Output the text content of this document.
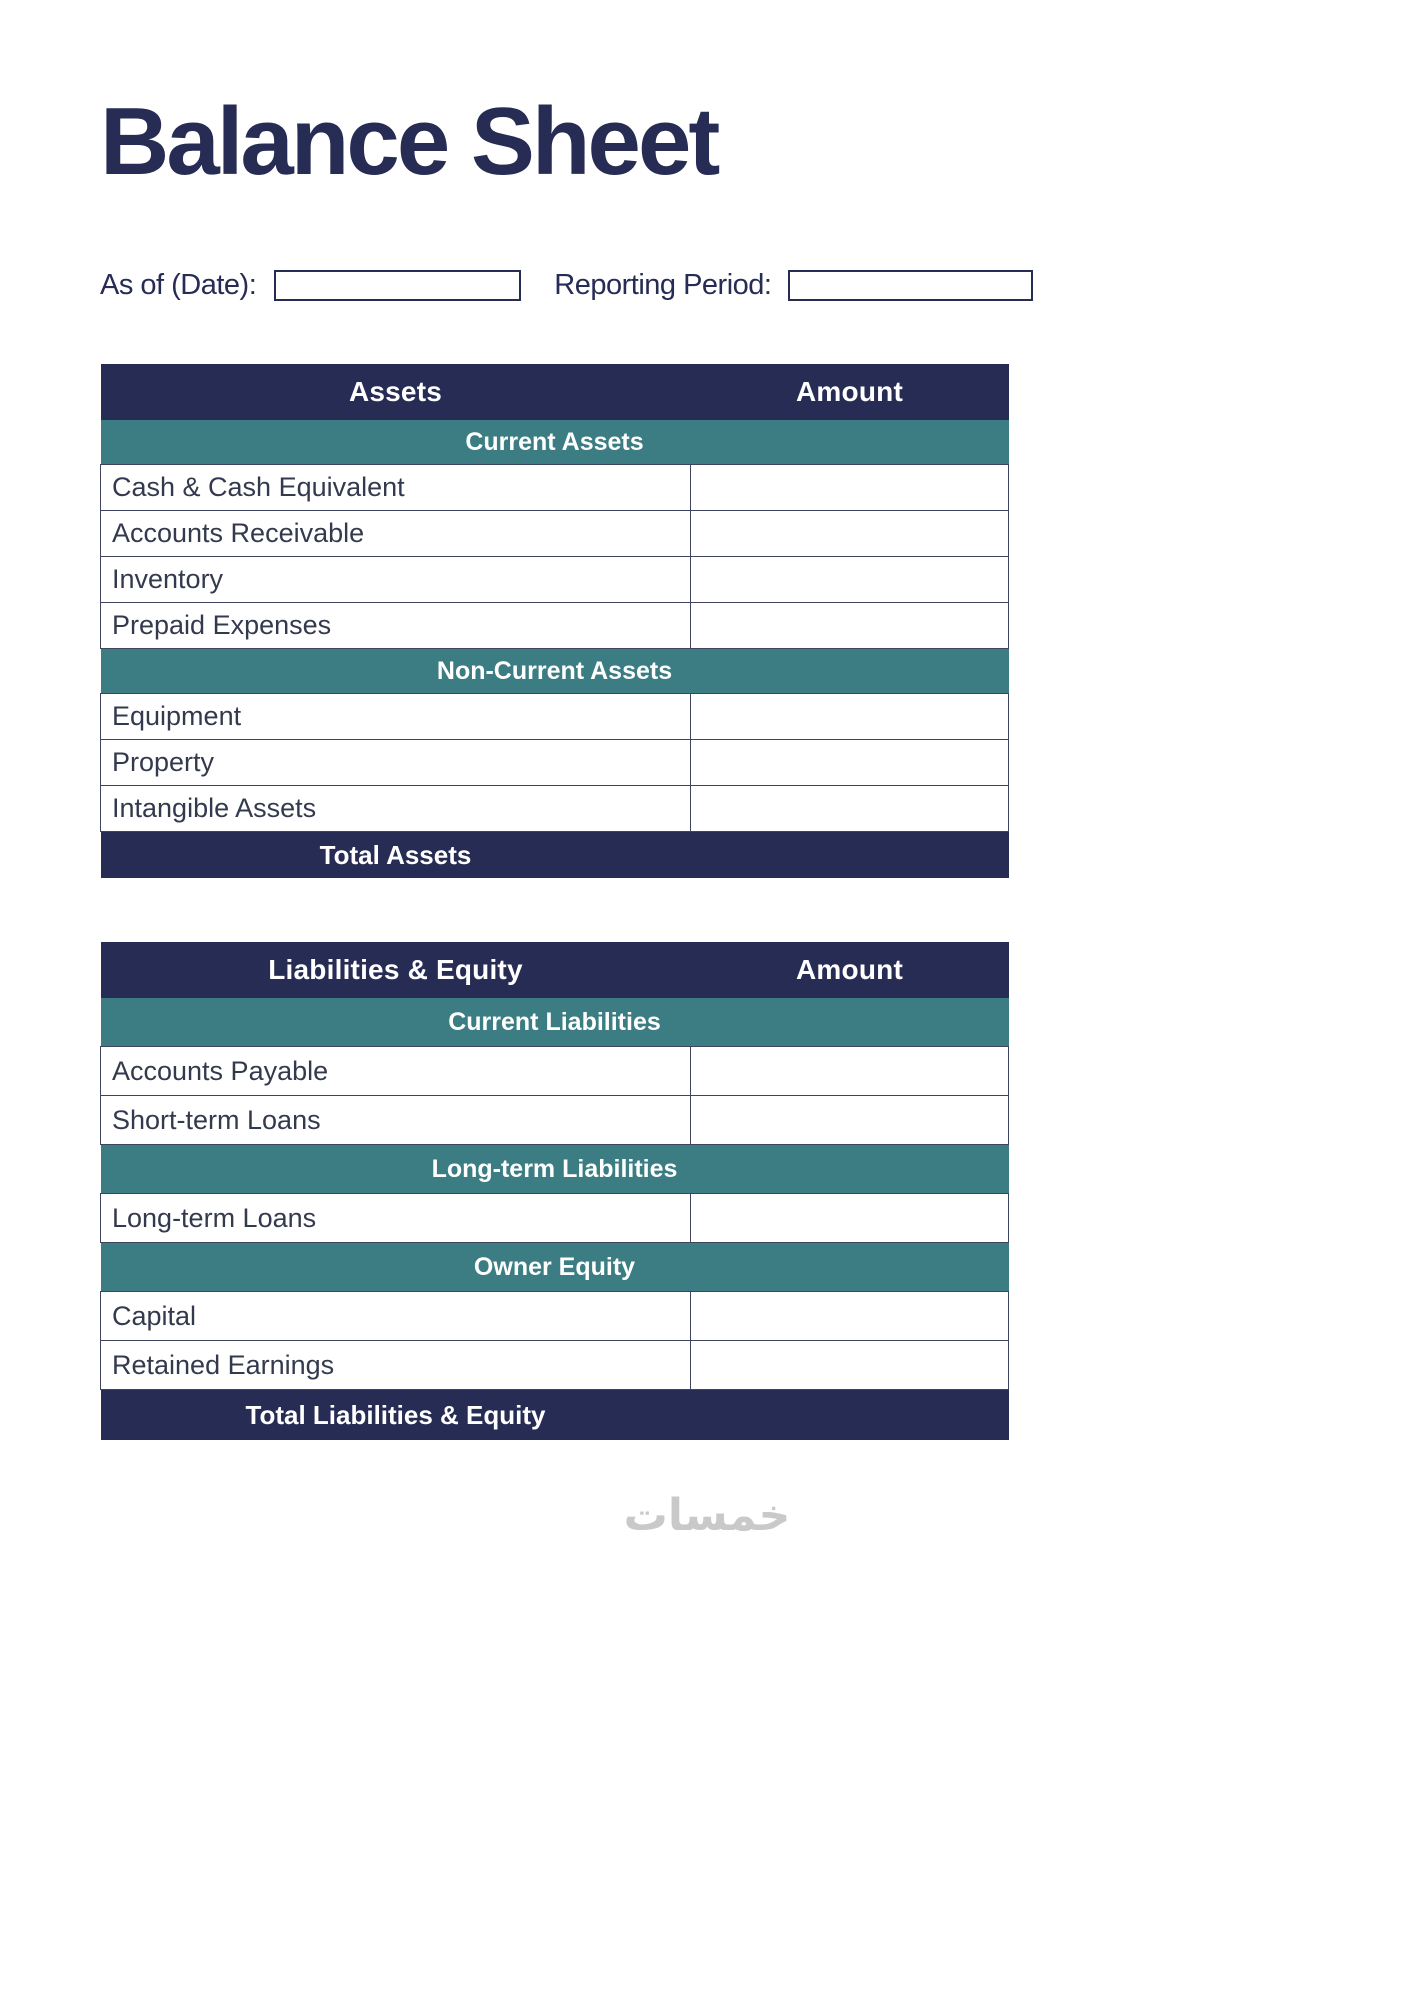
Balance Sheet
As of (Date):	Reporting Period:
Assets	Amount
Current Assets	
Cash & Cash Equivalent	
Accounts Receivable	
Inventory	
Prepaid Expenses	
Non-Current Assets	
Equipment	
Property	
Intangible Assets	
Total Assets	
Liabilities & Equity	Amount
Current Liabilities	
Accounts Payable	
Short-term Loans	
Long-term Liabilities	
Long-term Loans	
Owner Equity	
Capital	
Retained Earnings	
Total Liabilities & Equity	
خمسات
